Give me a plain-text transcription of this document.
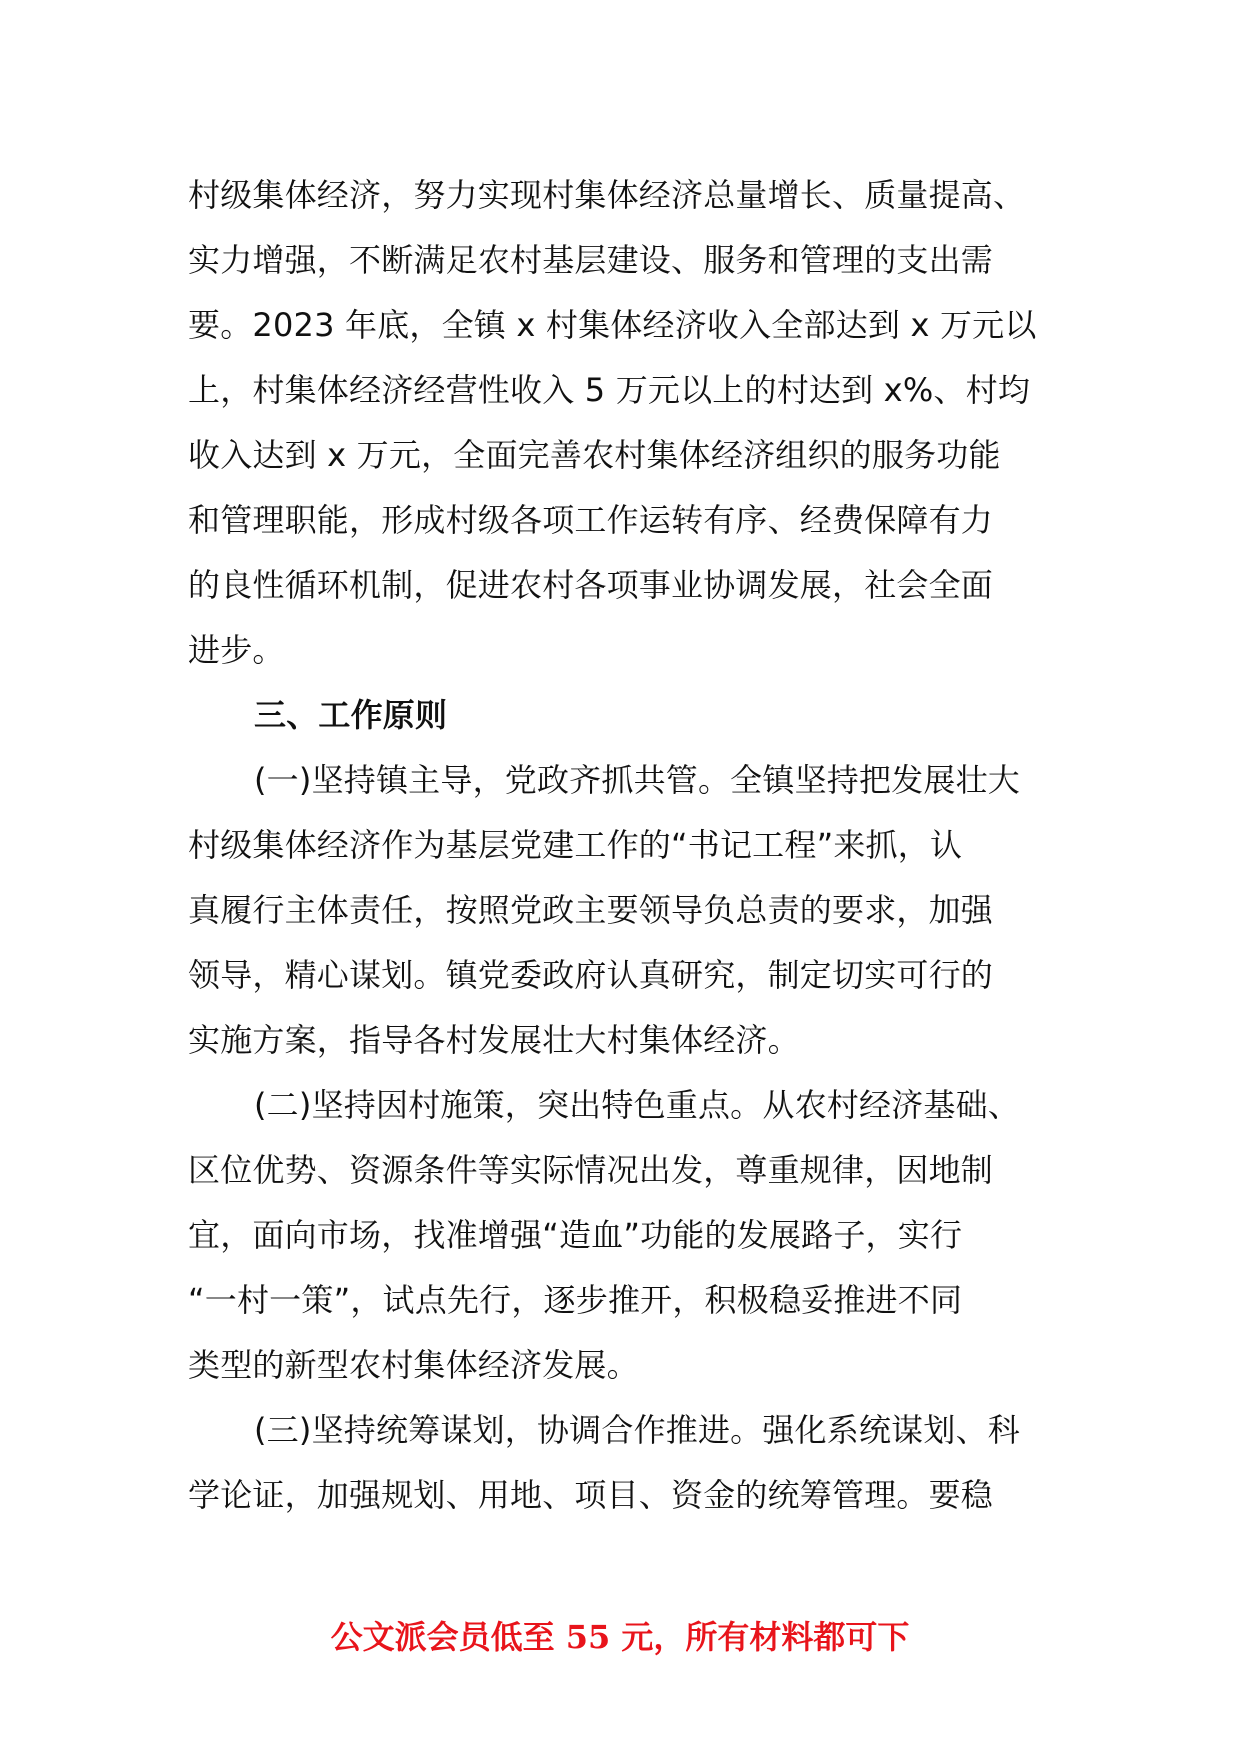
村级集体经济，努力实现村集体经济总量增长、质量提高、
实力增强，不断满足农村基层建设、服务和管理的支出需
要。2023 年底，全镇 x 村集体经济收入全部达到 x 万元以
上，村集体经济经营性收入 5 万元以上的村达到 x%、村均
收入达到 x 万元，全面完善农村集体经济组织的服务功能
和管理职能，形成村级各项工作运转有序、经费保障有力
的良性循环机制，促进农村各项事业协调发展，社会全面
进步。
三、工作原则
(一)坚持镇主导，党政齐抓共管。全镇坚持把发展壮大
村级集体经济作为基层党建工作的“书记工程”来抓，认
真履行主体责任，按照党政主要领导负总责的要求，加强
领导，精心谋划。镇党委政府认真研究，制定切实可行的
实施方案，指导各村发展壮大村集体经济。
(二)坚持因村施策，突出特色重点。从农村经济基础、
区位优势、资源条件等实际情况出发，尊重规律，因地制
宜，面向市场，找准增强“造血”功能的发展路子，实行
“一村一策”，试点先行，逐步推开，积极稳妥推进不同
类型的新型农村集体经济发展。
(三)坚持统筹谋划，协调合作推进。强化系统谋划、科
学论证，加强规划、用地、项目、资金的统筹管理。要稳
公文派会员低至 55 元，所有材料都可下
